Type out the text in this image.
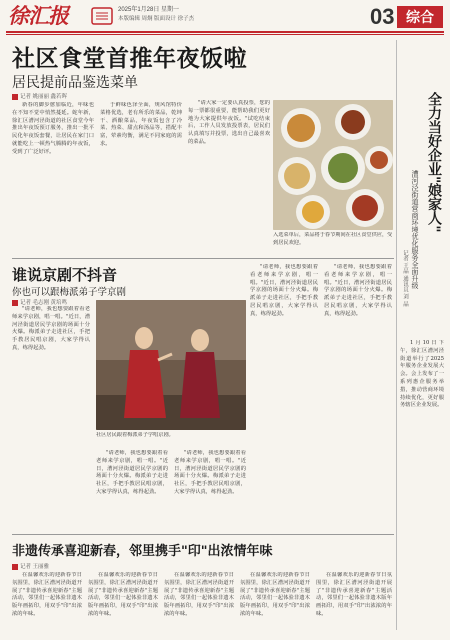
徐汇报	2025年1月28日 星期一
本版编辑 周炯 版面设计 徐子杰	03 综合
社区食堂首推年夜饭啦
居民提前品鉴选菜单
记者 姚丽丽 鑫若晖
新春的脚步愈加临近，年味也在不知不觉中悄然蔓延。蛇年新，徐汇区漕河泾街道的社区食堂今年推出年夜饭预订服务，推出一批平民化年夜饭套餐，让居民在家门口就能吃上一顿热气腾腾的年夜饭，受到了广泛好评。
于鲜味色泽全面，规风馆特价菜格优选，老有所乐的菜品，乾坤干、酒酿菜品，年夜饭包含了冷菜、热菜、甜点和汤品等，搭配丰富，荤素均衡，满足不同家庭的需求。
"请大家一定要认真投票，您的每一票都很重要，能帮助我们更好地为大家提供年夜饭。"试吃结束后，工作人员发放投票表，居民们认真填写并投票，选出自己最喜欢的菜品。
入选菜单后，菜品将于春节期间在社区食堂供应，受到居民欢迎。
全力当好企业"娘家人"
漕河泾街道营商环境优化服务全面升级
记者 王晶 通讯员 刘 晶
1月10日下午，徐汇区漕河泾街道举行了2025年服务企业发展大会。会上发布了一系列惠企服务举措，推动营商环境持续优化，更好服务辖区企业发展。
谁说京剧不抖音
你也可以跟梅派弟子学京剧
记者 毛志刚 黄培鸣
"请老师，我也想要跟着看老师来学京剧，唱一唱。"近日，漕河泾街道居民学京剧的场面十分火爆。梅派弟子走进社区，手把手教居民唱京剧，大家学得认真，练得起劲。
社区居民跟着梅派弟子学唱京剧。
"请老师，我也想要跟着看老师来学京剧，唱一唱。"近日，漕河泾街道居民学京剧的场面十分火爆。梅派弟子走进社区，手把手教居民唱京剧，大家学得认真，练得起劲。
"请老师，我也想要跟着看老师来学京剧，唱一唱。"近日，漕河泾街道居民学京剧的场面十分火爆。梅派弟子走进社区，手把手教居民唱京剧，大家学得认真，练得起劲。
"请老师，我也想要跟着看老师来学京剧，唱一唱。"近日，漕河泾街道居民学京剧的场面十分火爆。梅派弟子走进社区，手把手教居民唱京剧，大家学得认真，练得起劲。
"请老师，我也想要跟着看老师来学京剧，唱一唱。"近日，漕河泾街道居民学京剧的场面十分火爆。梅派弟子走进社区，手把手教居民唱京剧，大家学得认真，练得起劲。
非遗传承喜迎新春，邻里携手"印"出浓情年味
记者 王丽雅
在温馨欢乐的迎新春节日氛围里，徐汇区漕河泾街道开展了"非遗传承喜迎新春"主题活动，邻里们一起体验非遗木版年画拓印，用双手"印"出浓浓的年味。
在温馨欢乐的迎新春节日氛围里，徐汇区漕河泾街道开展了"非遗传承喜迎新春"主题活动，邻里们一起体验非遗木版年画拓印，用双手"印"出浓浓的年味。
在温馨欢乐的迎新春节日氛围里，徐汇区漕河泾街道开展了"非遗传承喜迎新春"主题活动，邻里们一起体验非遗木版年画拓印，用双手"印"出浓浓的年味。
在温馨欢乐的迎新春节日氛围里，徐汇区漕河泾街道开展了"非遗传承喜迎新春"主题活动，邻里们一起体验非遗木版年画拓印，用双手"印"出浓浓的年味。
在温馨欢乐的迎新春节日氛围里，徐汇区漕河泾街道开展了"非遗传承喜迎新春"主题活动，邻里们一起体验非遗木版年画拓印，用双手"印"出浓浓的年味。
